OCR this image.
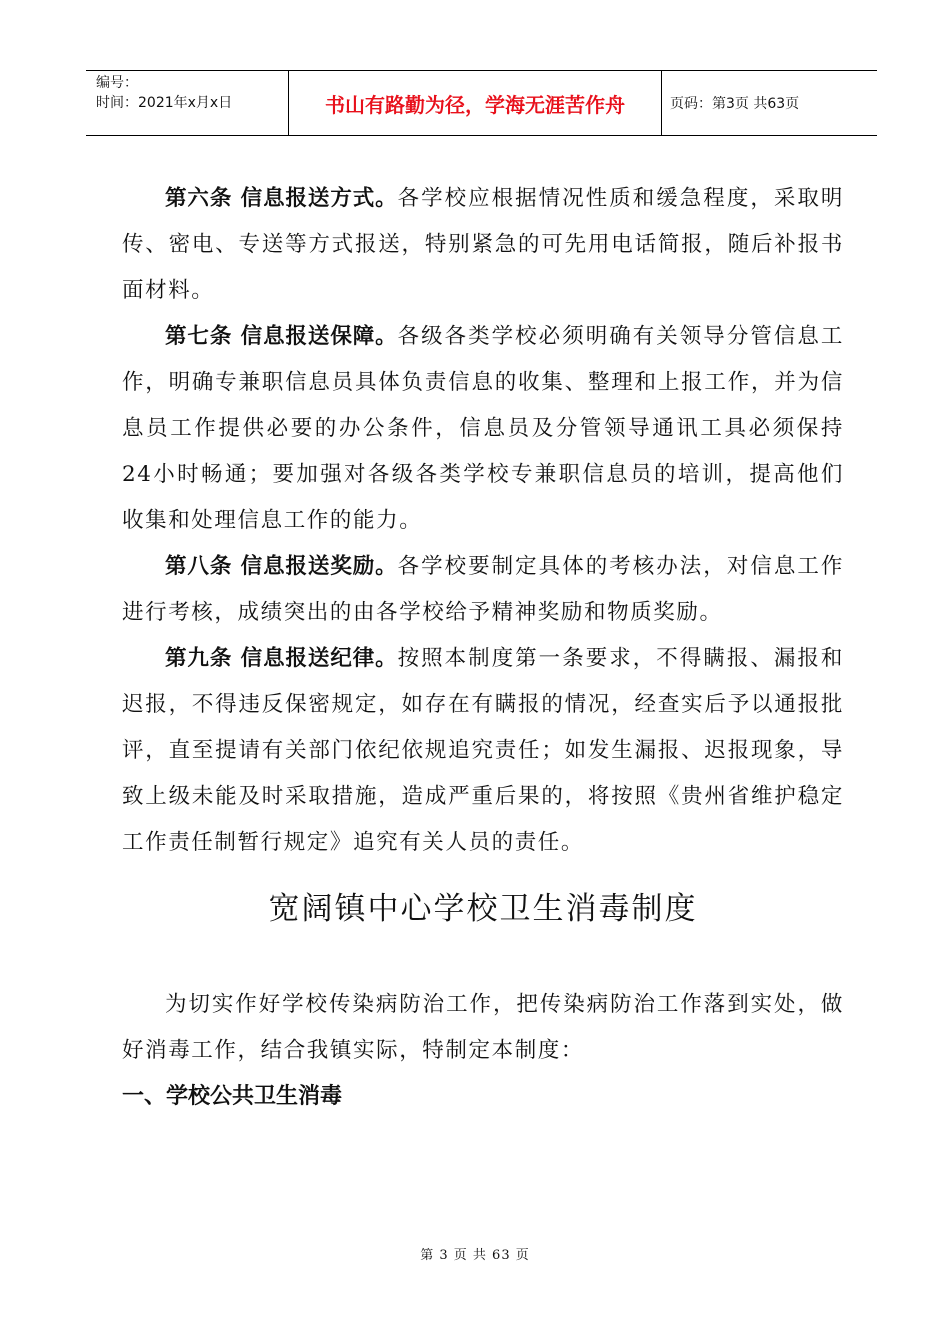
编号：
时间：2021年x月x日	书山有路勤为径，学海无涯苦作舟	页码：第3页 共63页

第六条 信息报送方式。各学校应根据情况性质和缓急程度，采取明传、密电、专送等方式报送，特别紧急的可先用电话简报，随后补报书面材料。

第七条 信息报送保障。各级各类学校必须明确有关领导分管信息工作，明确专兼职信息员具体负责信息的收集、整理和上报工作，并为信息员工作提供必要的办公条件，信息员及分管领导通讯工具必须保持24小时畅通；要加强对各级各类学校专兼职信息员的培训，提高他们收集和处理信息工作的能力。

第八条 信息报送奖励。各学校要制定具体的考核办法，对信息工作进行考核，成绩突出的由各学校给予精神奖励和物质奖励。

第九条 信息报送纪律。按照本制度第一条要求，不得瞒报、漏报和迟报，不得违反保密规定，如存在有瞒报的情况，经查实后予以通报批评，直至提请有关部门依纪依规追究责任；如发生漏报、迟报现象，导致上级未能及时采取措施，造成严重后果的，将按照《贵州省维护稳定工作责任制暂行规定》追究有关人员的责任。

宽阔镇中心学校卫生消毒制度

为切实作好学校传染病防治工作，把传染病防治工作落到实处，做好消毒工作，结合我镇实际，特制定本制度：

一、学校公共卫生消毒

第 3 页 共 63 页
